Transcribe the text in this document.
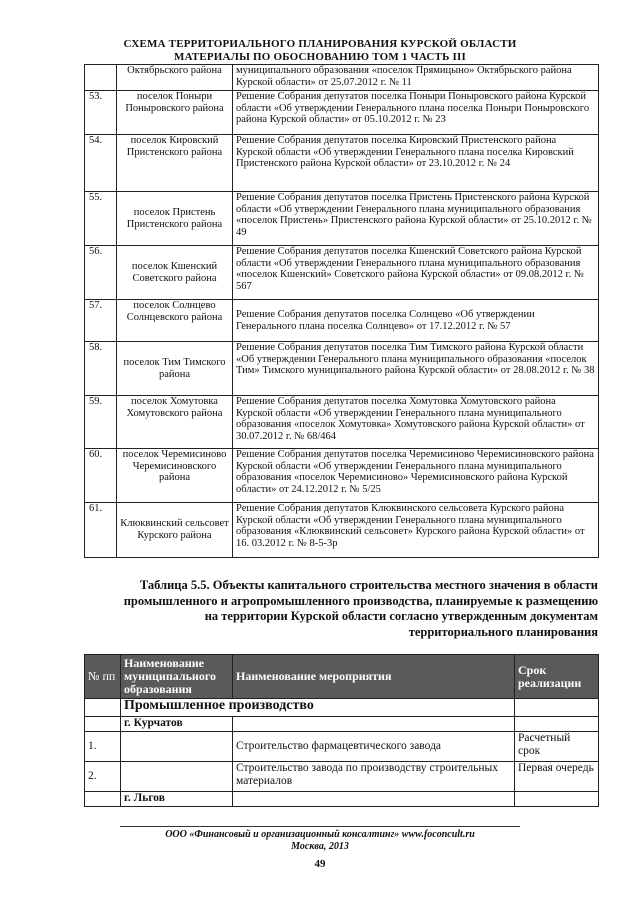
СХЕМА ТЕРРИТОРИАЛЬНОГО ПЛАНИРОВАНИЯ КУРСКОЙ ОБЛАСТИ
МАТЕРИАЛЫ ПО ОБОСНОВАНИЮ ТОМ 1 ЧАСТЬ III
	Октябрьского района	муниципального образования «поселок Прямицыно» Октябрьского района Курской области» от 25.07.2012 г. № 11
53.	поселок Поныри Поныровского района	Решение Собрания депутатов поселка Поныри Поныровского района Курской области «Об утверждении Генерального плана поселка Поныри Поныровского района Курской области» от 05.10.2012 г. № 23
54.	поселок Кировский Пристенского района	Решение Собрания депутатов поселка Кировский Пристенского района Курской области «Об утверждении Генерального плана поселка Кировский Пристенского района Курской области» от 23.10.2012 г. № 24
55.	поселок Пристень Пристенского района	Решение Собрания депутатов поселка Пристень Пристенского района Курской области «Об утверждении Генерального плана муниципального образования «поселок Пристень» Пристенского района Курской области» от 25.10.2012 г. № 49
56.	поселок Кшенский Советского района	Решение Собрания депутатов поселка Кшенский Советского района Курской области «Об утверждении Генерального плана муниципального образования «поселок Кшенский» Советского района Курской области» от 09.08.2012 г. № 567
57.	поселок Солнцево Солнцевского района	Решение Собрания депутатов поселка Солнцево «Об утверждении Генерального плана поселка Солнцево» от 17.12.2012 г. № 57
58.	поселок Тим Тимского района	Решение Собрания депутатов поселка Тим Тимского района Курской области «Об утверждении Генерального плана муниципального образования «поселок Тим» Тимского муниципального района Курской области» от 28.08.2012 г. № 38
59.	поселок Хомутовка Хомутовского района	Решение Собрания депутатов поселка Хомутовка Хомутовского района Курской области «Об утверждении Генерального плана муниципального образования «поселок Хомутовка» Хомутовского района Курской области» от 30.07.2012 г. № 68/464
60.	поселок Черемисиново Черемисиновского района	Решение Собрания депутатов поселка Черемисиново Черемисиновского района Курской области «Об утверждении Генерального плана муниципального образования «поселок Черемисиново» Черемисиновского района Курской области» от 24.12.2012 г. № 5/25
61.	Клюквинский сельсовет Курского района	Решение Собрания депутатов Клюквинского сельсовета Курского района Курской области «Об утверждении Генерального плана муниципального образования «Клюквинский сельсовет» Курского района Курской области» от 16. 03.2012 г. № 8-5-3р
Таблица 5.5. Объекты капитального строительства местного значения в области
промышленного и агропромышленного производства, планируемые к размещению
на территории Курской области согласно утвержденным документам
территориального планирования
№ пп	Наименование муниципального образования	Наименование мероприятия	Срок реализации
	Промышленное производство		
	г. Курчатов		
1.		Строительство фармацевтического завода	Расчетный срок
2.		Строительство завода по производству строительных материалов	Первая очередь
	г. Льгов		
ООО «Финансовый и организационный консалтинг» www.foconcult.ru
Москва, 2013
49
